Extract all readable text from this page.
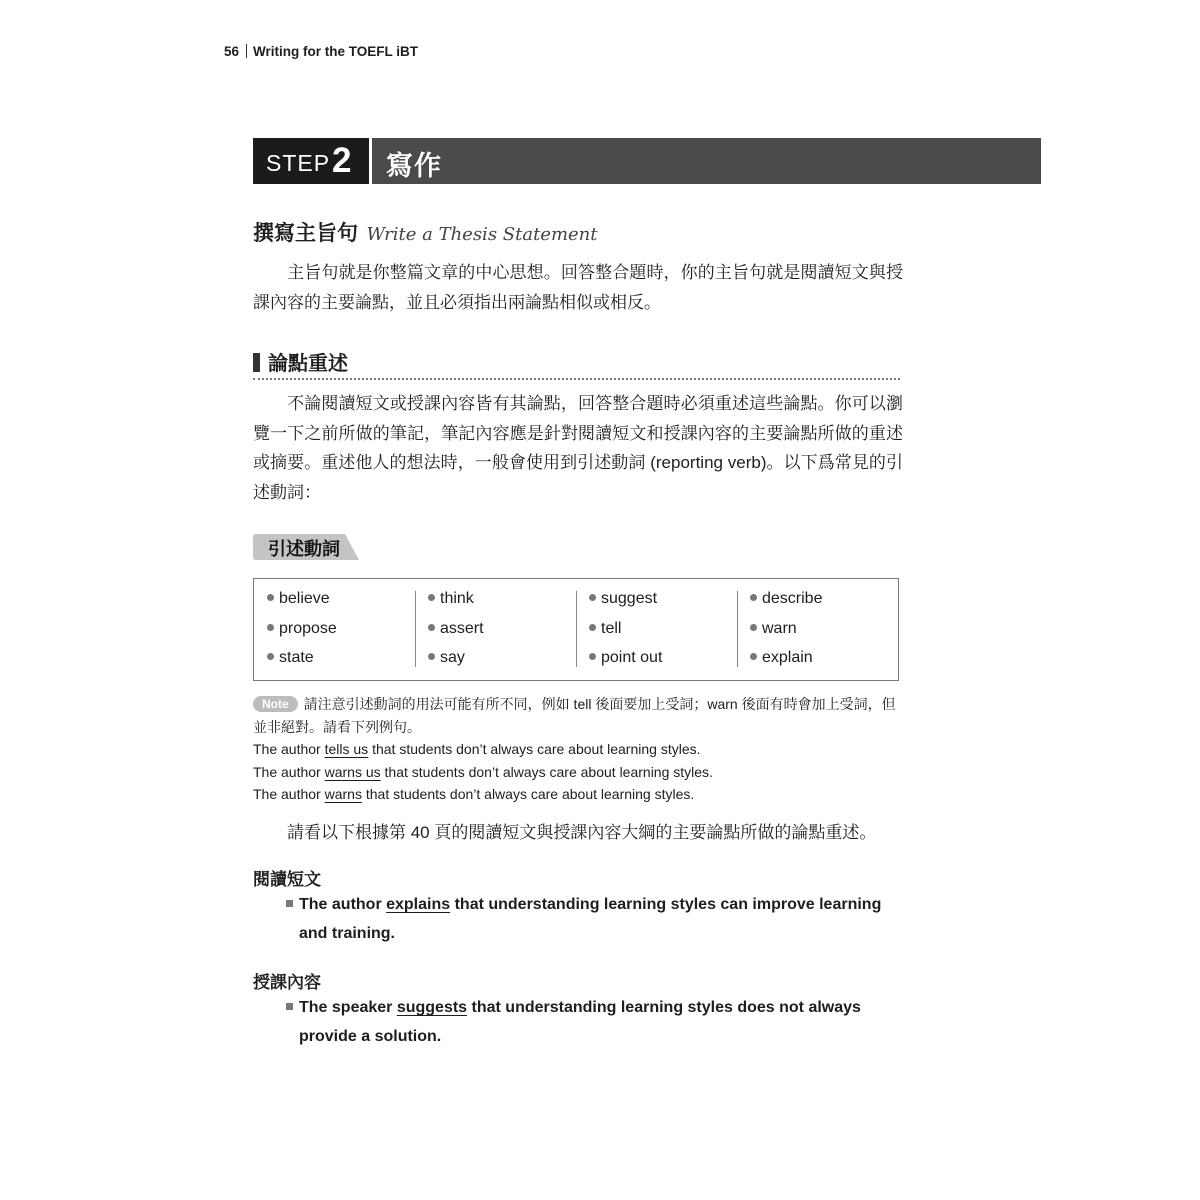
56 Writing for the TOEFL iBT
STEP 2 寫作
撰寫主旨句 Write a Thesis Statement
主旨句就是你整篇文章的中心思想。回答整合題時，你的主旨句就是閱讀短文與授課內容的主要論點，並且必須指出兩論點相似或相反。
論點重述
不論閱讀短文或授課內容皆有其論點，回答整合題時必須重述這些論點。你可以瀏覽一下之前所做的筆記，筆記內容應是針對閱讀短文和授課內容的主要論點所做的重述或摘要。重述他人的想法時，一般會使用到引述動詞 (reporting verb)。以下爲常見的引述動詞：
引述動詞
believe
propose
state
think
assert
say
suggest
tell
point out
describe
warn
explain
Note 請注意引述動詞的用法可能有所不同，例如 tell 後面要加上受詞；warn 後面有時會加上受詞，但並非絕對。請看下列例句。
The author tells us that students don’t always care about learning styles.
The author warns us that students don’t always care about learning styles.
The author warns that students don’t always care about learning styles.
請看以下根據第 40 頁的閱讀短文與授課內容大綱的主要論點所做的論點重述。
閱讀短文
The author explains that understanding learning styles can improve learning
and training.
授課內容
The speaker suggests that understanding learning styles does not always
provide a solution.
